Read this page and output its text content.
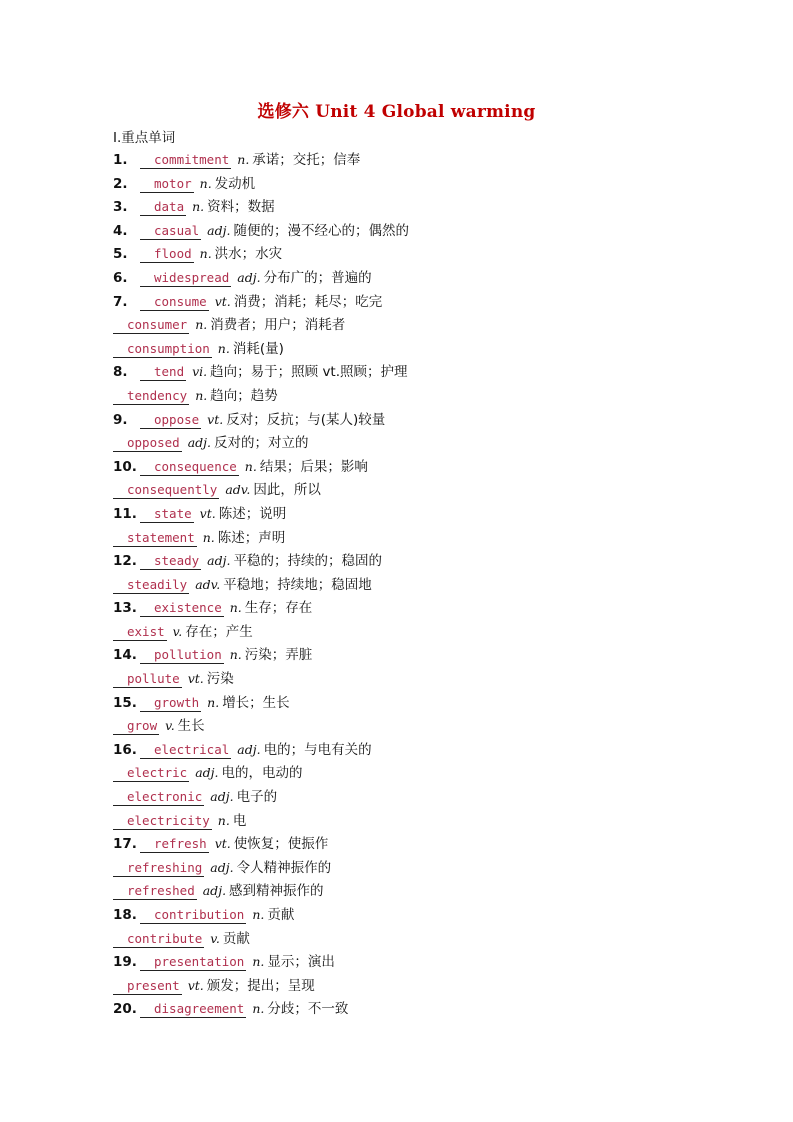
选修六 Unit 4 Global warming
Ⅰ.重点单词
1. commitment n. 承诺；交托；信奉
2. motor n. 发动机
3. data n. 资料；数据
4. casual adj. 随便的；漫不经心的；偶然的
5. flood n. 洪水；水灾
6. widespread adj. 分布广的；普遍的
7. consume vt. 消费；消耗；耗尽；吃完
consumer n. 消费者；用户；消耗者
consumption n. 消耗(量)
8. tend vi. 趋向；易于；照顾 vt.照顾；护理
tendency n. 趋向；趋势
9. oppose vt. 反对；反抗；与(某人)较量
opposed adj. 反对的；对立的
10. consequence n. 结果；后果；影响
consequently adv. 因此，所以
11. state vt. 陈述；说明
statement n. 陈述；声明
12. steady adj. 平稳的；持续的；稳固的
steadily adv. 平稳地；持续地；稳固地
13. existence n. 生存；存在
exist v. 存在；产生
14. pollution n. 污染；弄脏
pollute vt. 污染
15. growth n. 增长；生长
grow v. 生长
16. electrical adj. 电的；与电有关的
electric adj. 电的，电动的
electronic adj. 电子的
electricity n. 电
17. refresh vt. 使恢复；使振作
refreshing adj. 令人精神振作的
refreshed adj. 感到精神振作的
18. contribution n. 贡献
contribute v. 贡献
19. presentation n. 显示；演出
present vt. 颁发；提出；呈现
20. disagreement n. 分歧；不一致
